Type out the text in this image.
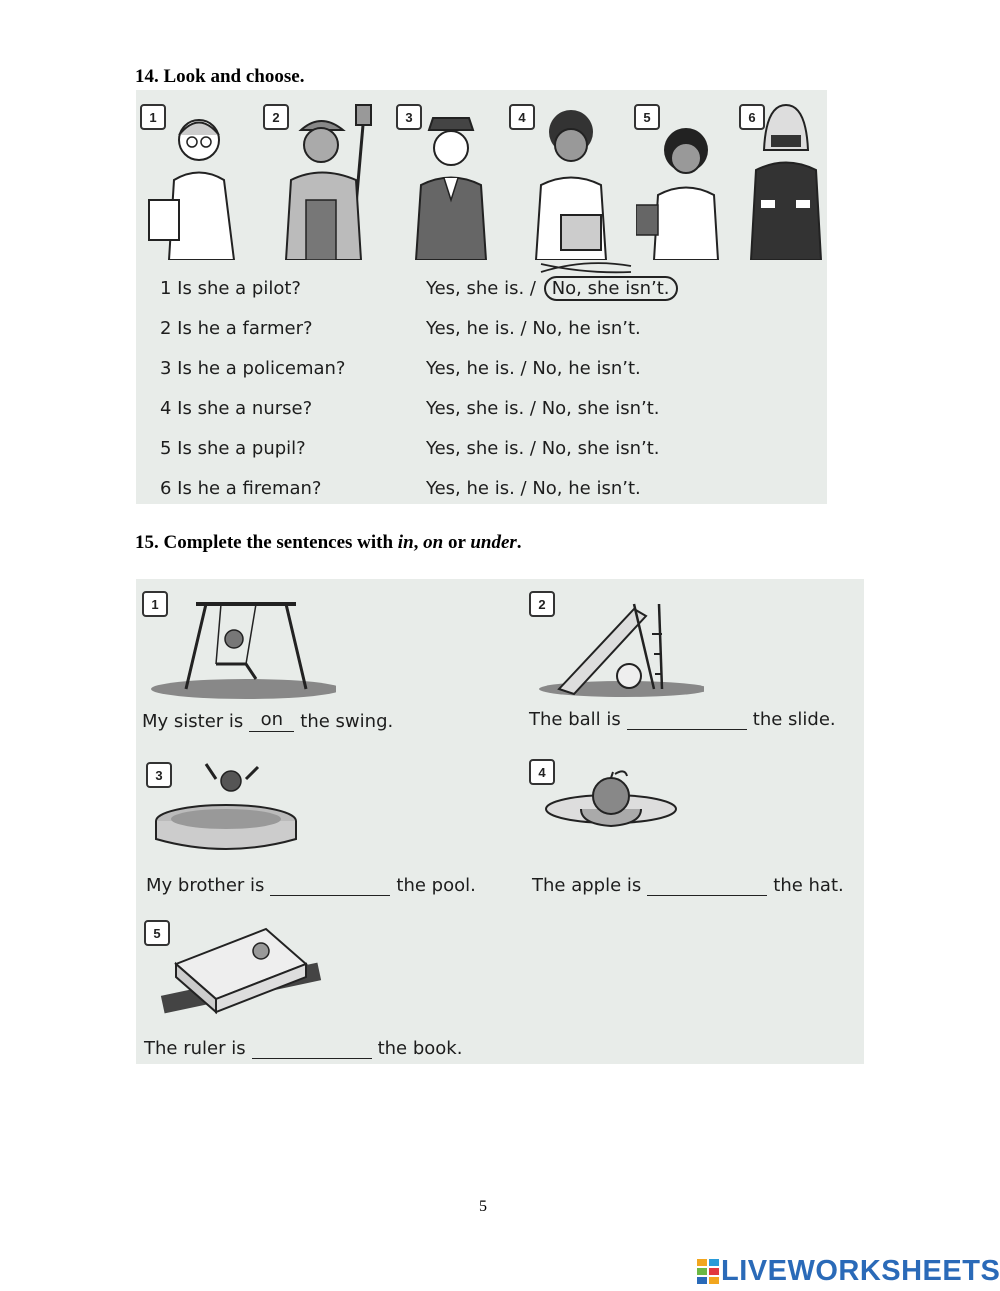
14. Look and choose.
1	2	3	4	5	6
1 Is she a pilot?	Yes, she is. / No, she isn’t.
2 Is he a farmer?	Yes, he is. / No, he isn’t.
3 Is he a policeman?	Yes, he is. / No, he isn’t.
4 Is she a nurse?	Yes, she is. / No, she isn’t.
5 Is she a pupil?	Yes, she is. / No, she isn’t.
6 Is he a fireman?	Yes, he is. / No, he isn’t.
15. Complete the sentences with in, on or under.
1
My sister is on the swing.
2
The ball is	the slide.
3
My brother is	the pool.
4
The apple is	the hat.
5
The ruler is	the book.
5
LIVEWORKSHEETS
